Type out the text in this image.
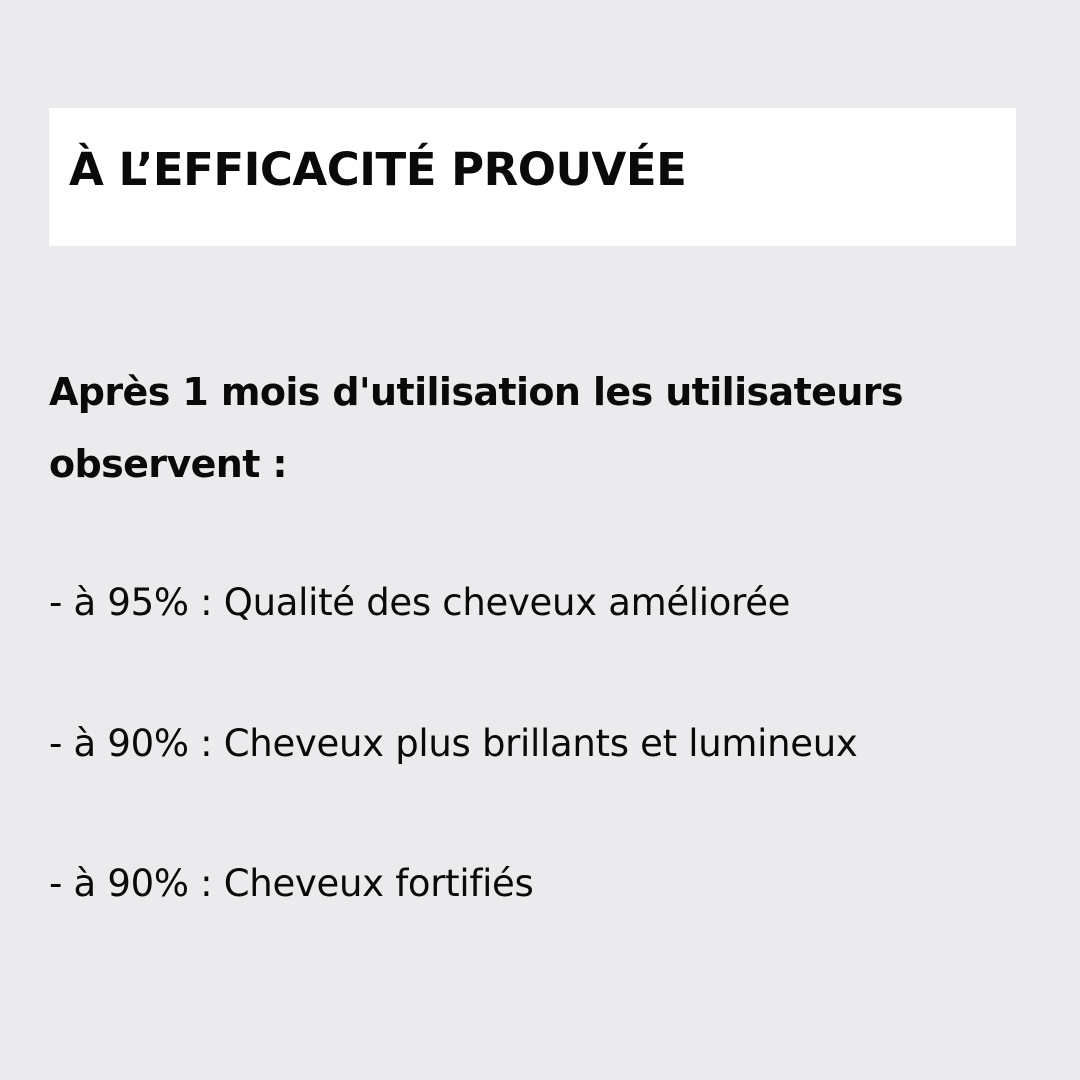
À L’EFFICACITÉ PROUVÉE

Après 1 mois d'utilisation les utilisateurs observent :

- à 95% : Qualité des cheveux améliorée

- à 90% : Cheveux plus brillants et lumineux

- à 90% : Cheveux fortifiés
